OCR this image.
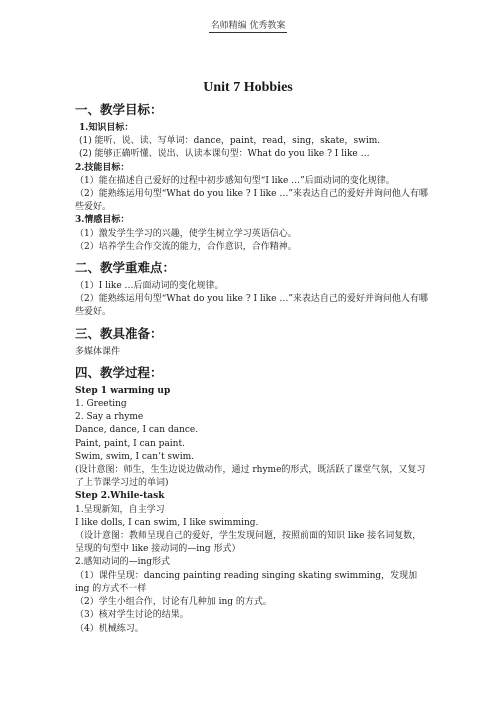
名师精编 优秀教案
Unit 7 Hobbies
一、教学目标：

1.知识目标：

(1) 能听、说、读、写单词：dance，paint，read，sing，skate，swim.

(2) 能够正确听懂、说出、认读本课句型：What do you like ? I like …

2.技能目标：

（1）能在描述自己爱好的过程中初步感知句型“I like …”后面动词的变化规律。

（2）能熟练运用句型“What do you like ? I like …”来表达自己的爱好并询问他人有哪些爱好。

3.情感目标：

（1）激发学生学习的兴趣，使学生树立学习英语信心。

（2）培养学生合作交流的能力，合作意识，合作精神。

二、教学重难点：

（1）I like …后面动词的变化规律。

（2）能熟练运用句型“What do you like ? I like …”来表达自己的爱好并询问他人有哪些爱好。

三、教具准备：

多媒体课件

四、教学过程：

Step 1 warming up

1. Greeting

2. Say a rhyme

Dance, dance, I can dance.

Paint, paint, I can paint.

Swim, swim, I can’t swim.

(设计意图：师生，生生边说边做动作，通过 rhyme的形式，既活跃了课堂气氛，又复习了上节课学习过的单词)

Step 2.While-task

1.呈现新知，自主学习

I like dolls, I can swim, I like swimming.

（设计意图：教师呈现自己的爱好，学生发现问题，按照前面的知识 like 接名词复数，呈现的句型中 like 接动词的—ing 形式）

2.感知动词的—ing形式

（1）课件呈现：dancing painting reading singing skating swimming，发现加 ing 的方式不一样

（2）学生小组合作，讨论有几种加 ing 的方式。

（3）核对学生讨论的结果。

（4）机械练习。
